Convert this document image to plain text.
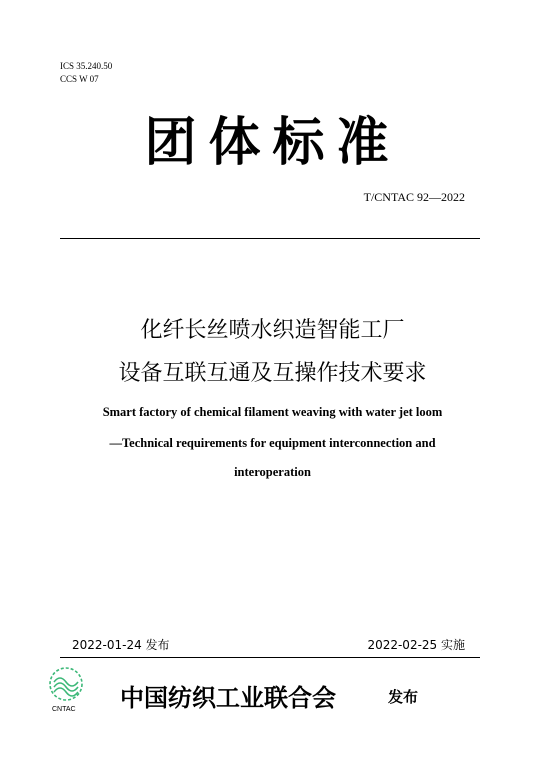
ICS 35.240.50
CCS W 07
团体标准
T/CNTAC 92—2022
化纤长丝喷水织造智能工厂
设备互联互通及互操作技术要求
Smart factory of chemical filament weaving with water jet loom
—Technical requirements for equipment interconnection and
interoperation
2022-01-24 发布	2022-02-25 实施
CNTAC 中国纺织工业联合会	发布
